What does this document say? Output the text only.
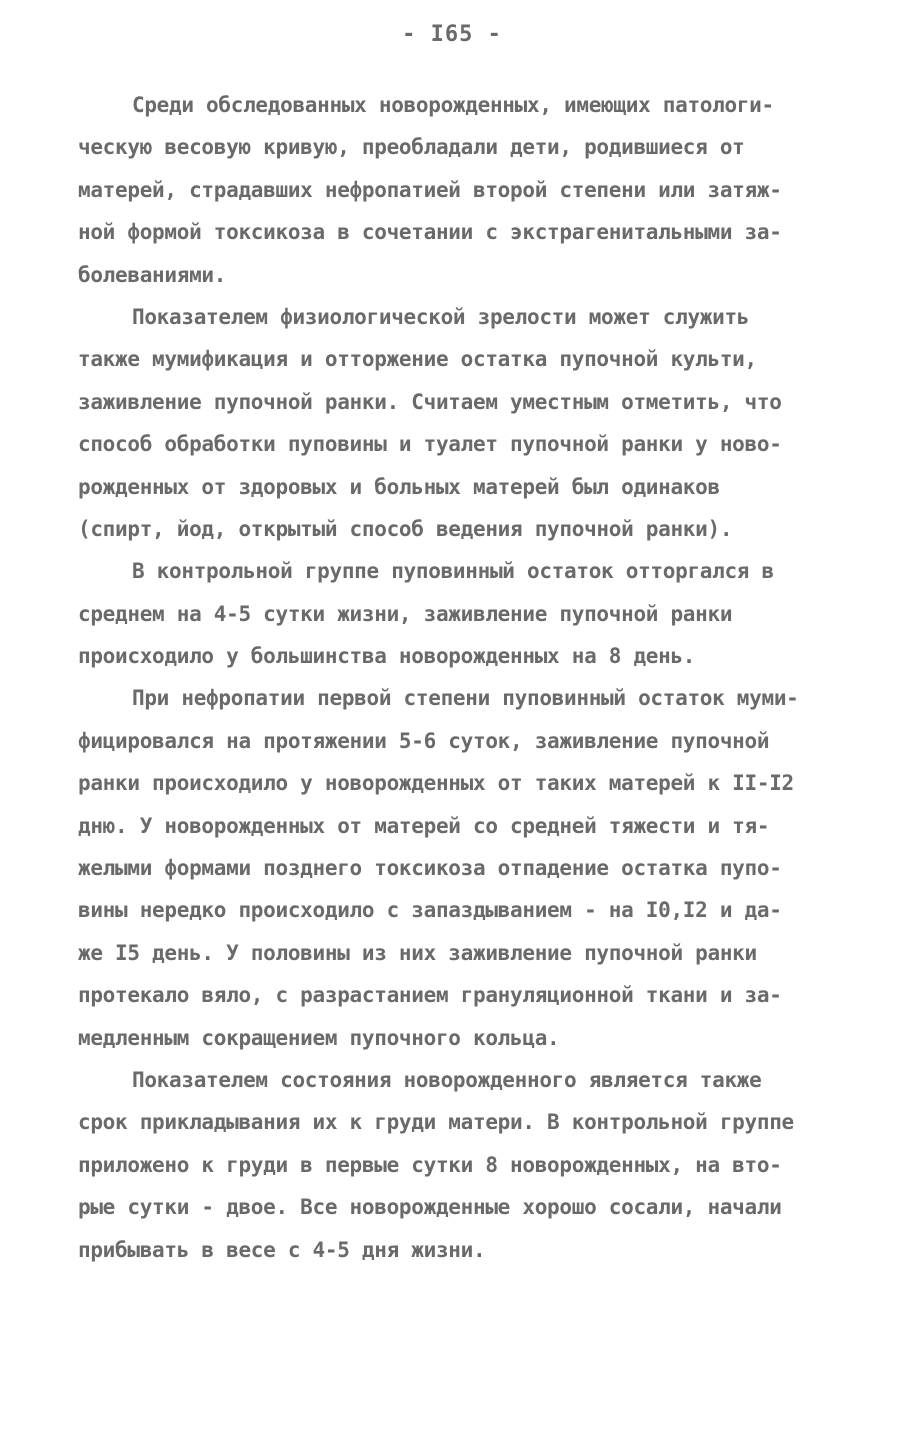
- I65 -
Среди обследованных новорожденных, имеющих патологи-
ческую весовую кривую, преобладали дети, родившиеся от
матерей, страдавших нефропатией второй степени или затяж-
ной формой токсикоза в сочетании с экстрагенитальными за-
болеваниями.
Показателем физиологической зрелости может служить
также мумификация и отторжение остатка пупочной культи,
заживление пупочной ранки. Считаем уместным отметить, что
способ обработки пуповины и туалет пупочной ранки у ново-
рожденных от здоровых и больных матерей был одинаков
(спирт, йод, открытый способ ведения пупочной ранки).
В контрольной группе пуповинный остаток отторгался в
среднем на 4-5 сутки жизни, заживление пупочной ранки
происходило у большинства новорожденных на 8 день.
При нефропатии первой степени пуповинный остаток муми-
фицировался на протяжении 5-6 суток, заживление пупочной
ранки происходило у новорожденных от таких матерей к II-I2
дню. У новорожденных от матерей со средней тяжести и тя-
желыми формами позднего токсикоза отпадение остатка пупо-
вины нередко происходило с запаздыванием - на I0,I2 и да-
же I5 день. У половины из них заживление пупочной ранки
протекало вяло, с разрастанием грануляционной ткани и за-
медленным сокращением пупочного кольца.
Показателем состояния новорожденного является также
срок прикладывания их к груди матери. В контрольной группе
приложено к груди в первые сутки 8 новорожденных, на вто-
рые сутки - двое. Все новорожденные хорошо сосали, начали
прибывать в весе с 4-5 дня жизни.
